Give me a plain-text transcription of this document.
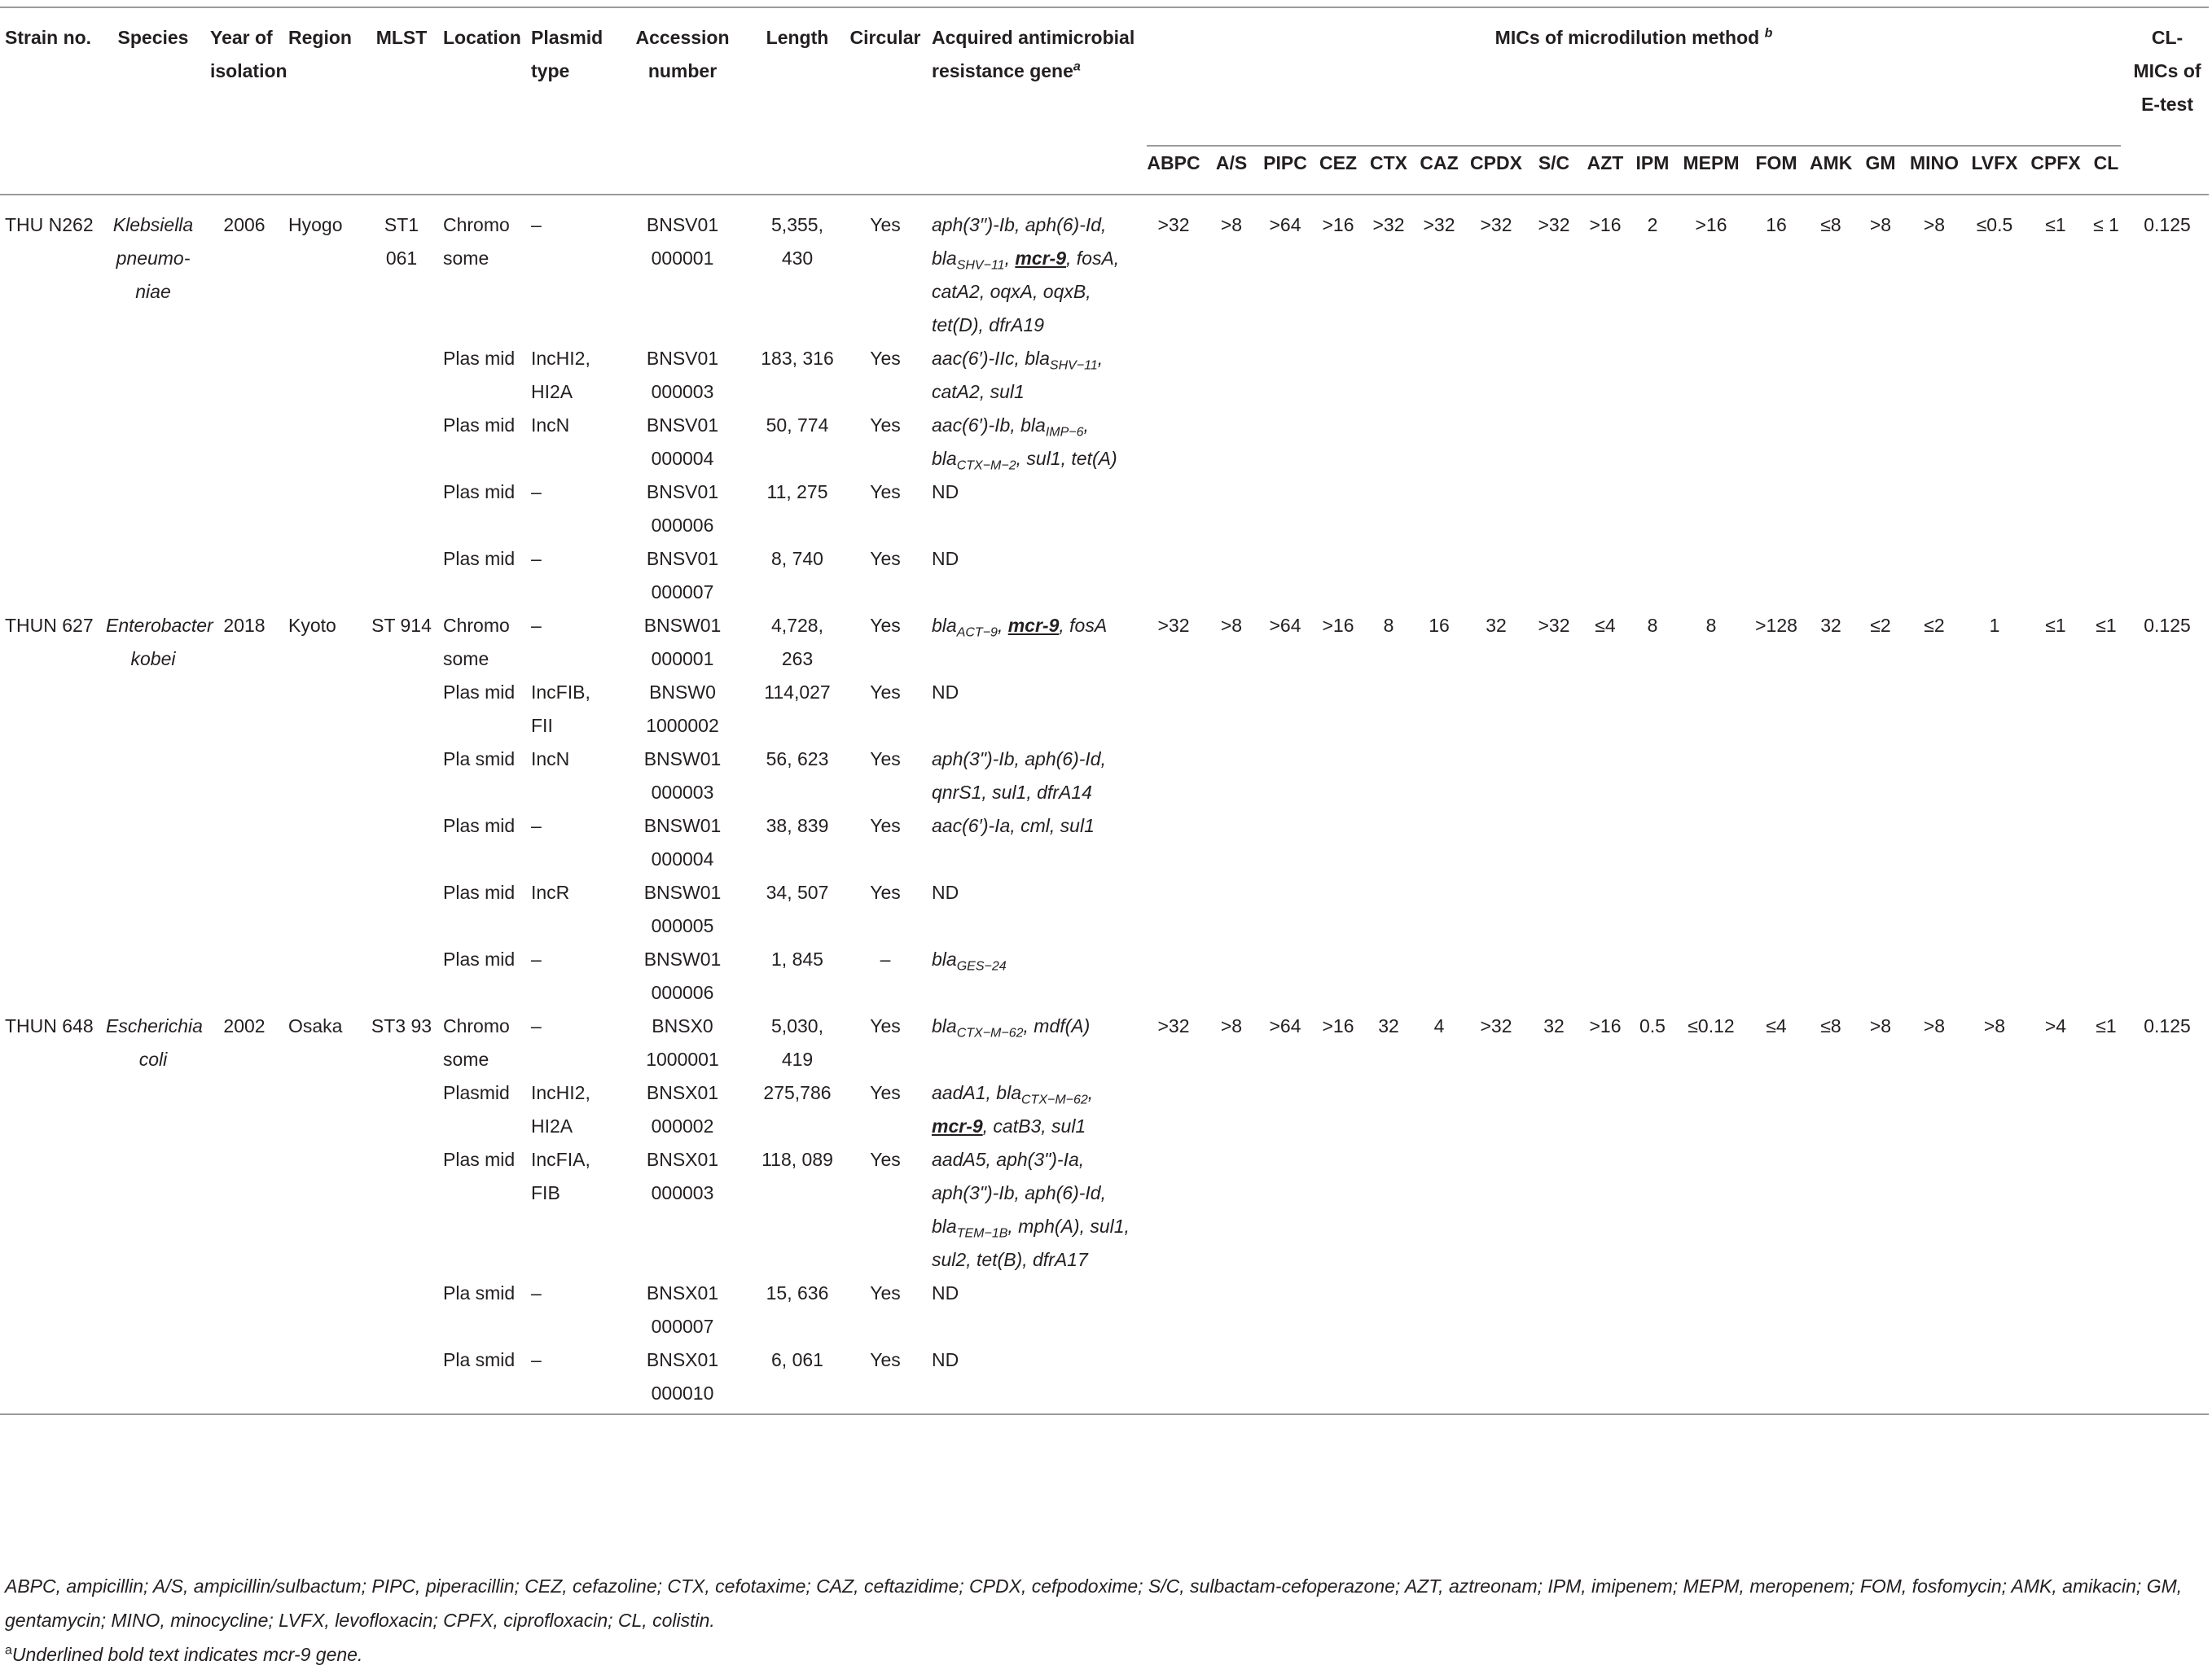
Strain no.	Species	Year of isolation	Region	MLST	Location	Plasmid type	Accession number	Length	Circular	Acquired antimicrobial resistance gene$^a$	MICs of microdilution method $^b$																		CL-MICs of E-test
											ABPC	A/S	PIPC	CEZ	CTX	CAZ	CPDX	S/C	AZT	IPM	MEPM	FOM	AMK	GM	MINO	LVFX	CPFX	CL	

THU N262	Klebsiella pneumo- niae	2006	Hyogo	ST1 061	Chromo some	–	BNSV01 000001	5,355, 430	Yes	aph(3′′)-Ib, aph(6)-Id, bla$_{SHV-11}$, mcr-9, fosA, catA2, oqxA, oqxB, tet(D), dfrA19	>32	>8	>64	>16	>32	>32	>32	>32	>16	2	>16	16	≤8	>8	>8	≤0.5	≤1	≤ 1	0.125
					Plas mid	IncHI2, HI2A	BNSV01 000003	183, 316	Yes	aac(6′)-IIc, bla$_{SHV-11}$, catA2, sul1																			
					Plas mid	IncN	BNSV01 000004	50, 774	Yes	aac(6′)-Ib, bla$_{IMP-6}$, bla$_{CTX-M-2}$, sul1, tet(A)																			
					Plas mid	–	BNSV01 000006	11, 275	Yes	ND																			
					Plas mid	–	BNSV01 000007	8, 740	Yes	ND																			
THUN 627	Enterobacter kobei	2018	Kyoto	ST 914	Chromo some	–	BNSW01 000001	4,728, 263	Yes	bla$_{ACT-9}$, mcr-9, fosA	>32	>8	>64	>16	8	16	32	>32	≤4	8	8	>128	32	≤2	≤2	1	≤1	≤1	0.125
					Plas mid	IncFIB, FII	BNSW0 1000002	114,027	Yes	ND																			
					Pla smid	IncN	BNSW01 000003	56, 623	Yes	aph(3")-Ib, aph(6)-Id, qnrS1, sul1, dfrA14																			
					Plas mid	–	BNSW01 000004	38, 839	Yes	aac(6′)-Ia, cml, sul1																			
					Plas mid	IncR	BNSW01 000005	34, 507	Yes	ND																			
					Plas mid	–	BNSW01 000006	1, 845	–	bla$_{GES-24}$																			
THUN 648	Escherichia coli	2002	Osaka	ST3 93	Chromo some	–	BNSX0 1000001	5,030, 419	Yes	bla$_{CTX-M-62}$, mdf(A)	>32	>8	>64	>16	32	4	>32	32	>16	0.5	≤0.12	≤4	≤8	>8	>8	>8	>4	≤1	0.125
					Plasmid	IncHI2, HI2A	BNSX01 000002	275,786	Yes	aadA1, bla$_{CTX-M-62}$, mcr-9, catB3, sul1																			
					Plas mid	IncFIA, FIB	BNSX01 000003	118, 089	Yes	aadA5, aph(3")-Ia, aph(3")-Ib, aph(6)-Id, bla$_{TEM-1B}$, mph(A), sul1, sul2, tet(B), dfrA17																			
					Pla smid	–	BNSX01 000007	15, 636	Yes	ND																			
					Pla smid	–	BNSX01 000010	6, 061	Yes	ND																			

ABPC, ampicillin; A/S, ampicillin/sulbactum; PIPC, piperacillin; CEZ, cefazoline; CTX, cefotaxime; CAZ, ceftazidime; CPDX, cefpodoxime; S/C, sulbactam-cefoperazone; AZT, aztreonam; IPM, imipenem; MEPM, meropenem; FOM, fosfomycin; AMK, amikacin; GM, gentamycin; MINO, minocycline; LVFX, levofloxacin; CPFX, ciprofloxacin; CL, colistin.

$^a$Underlined bold text indicates mcr-9 gene.
